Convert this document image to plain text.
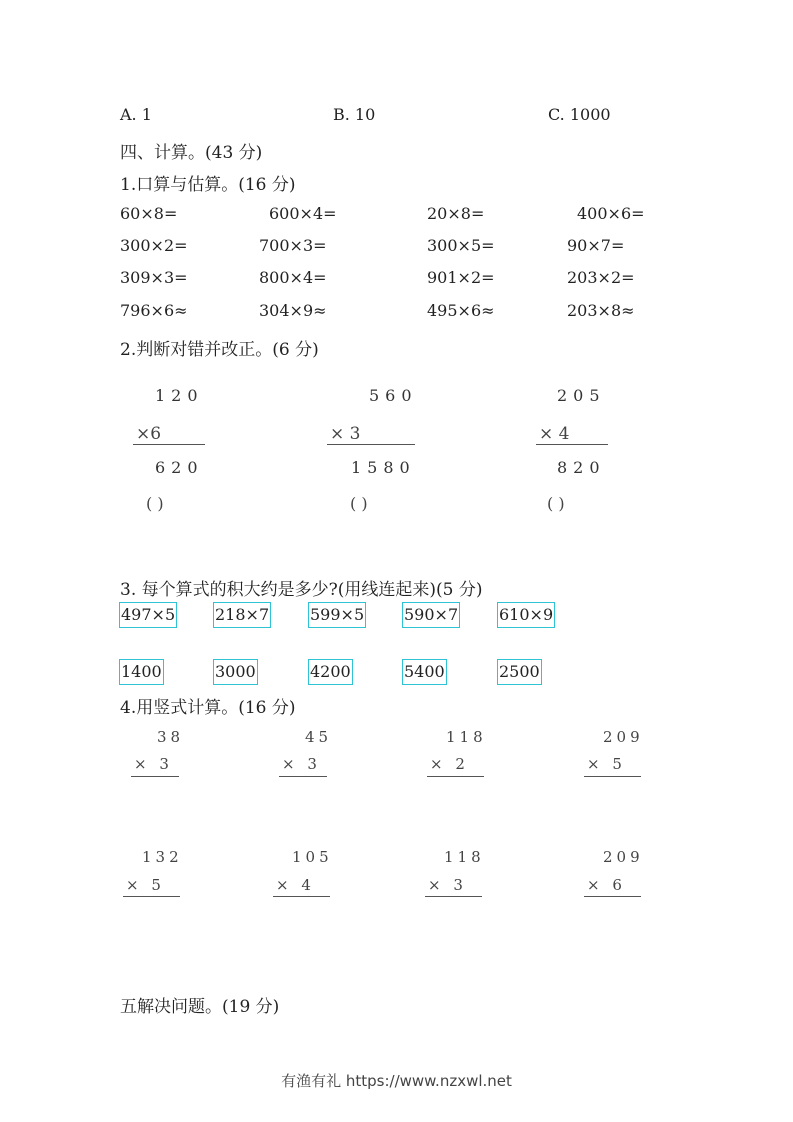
A. 1	B. 10	C. 1000
四、计算。(43 分)
1.口算与估算。(16 分)
60×8=	600×4=	20×8=	400×6=
300×2=	700×3=	300×5=	90×7=
309×3=	800×4=	901×2=	203×2=
796×6≈	304×9≈	495×6≈	203×8≈
2.判断对错并改正。(6 分)
120
×6
620
( )
560
× 3
1580
( )
205
× 4
820
( )
3. 每个算式的积大约是多少?(用线连起来)(5 分)
497×5 218×7	599×5 590×7	610×9
1400	3000	4200	5400	2500
4.用竖式计算。(16 分)
38
× 3
45
× 3
118
× 2
209
× 5
132
× 5
105
× 4
118
× 3
209
× 6
五解决问题。(19 分)
有渔有礼 https://www.nzxwl.net
